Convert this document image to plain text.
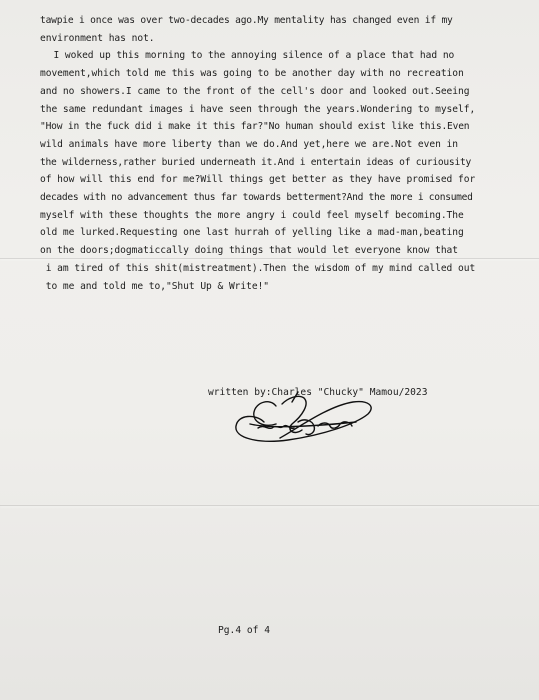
tawpie i once was over two-decades ago.My mentality has changed even if my
environment has not.
I woked up this morning to the annoying silence of a place that had no
movement,which told me this was going to be another day with no recreation
and no showers.I came to the front of the cell's door and looked out.Seeing
the same redundant images i have seen through the years.Wondering to myself,
"How in the fuck did i make it this far?"No human should exist like this.Even
wild animals have more liberty than we do.And yet,here we are.Not even in
the wilderness,rather buried underneath it.And i entertain ideas of curiousity
of how will this end for me?Will things get better as they have promised for
decades with no advancement thus far towards betterment?And the more i consumed
myself with these thoughts the more angry i could feel myself becoming.The
old me lurked.Requesting one last hurrah of yelling like a mad-man,beating
on the doors;dogmaticcally doing things that would let everyone know that
i am tired of this shit(mistreatment).Then the wisdom of my mind called out
to me and told me to,"Shut Up & Write!"
written by:Charles "Chucky" Mamou/2023
Pg.4 of 4
